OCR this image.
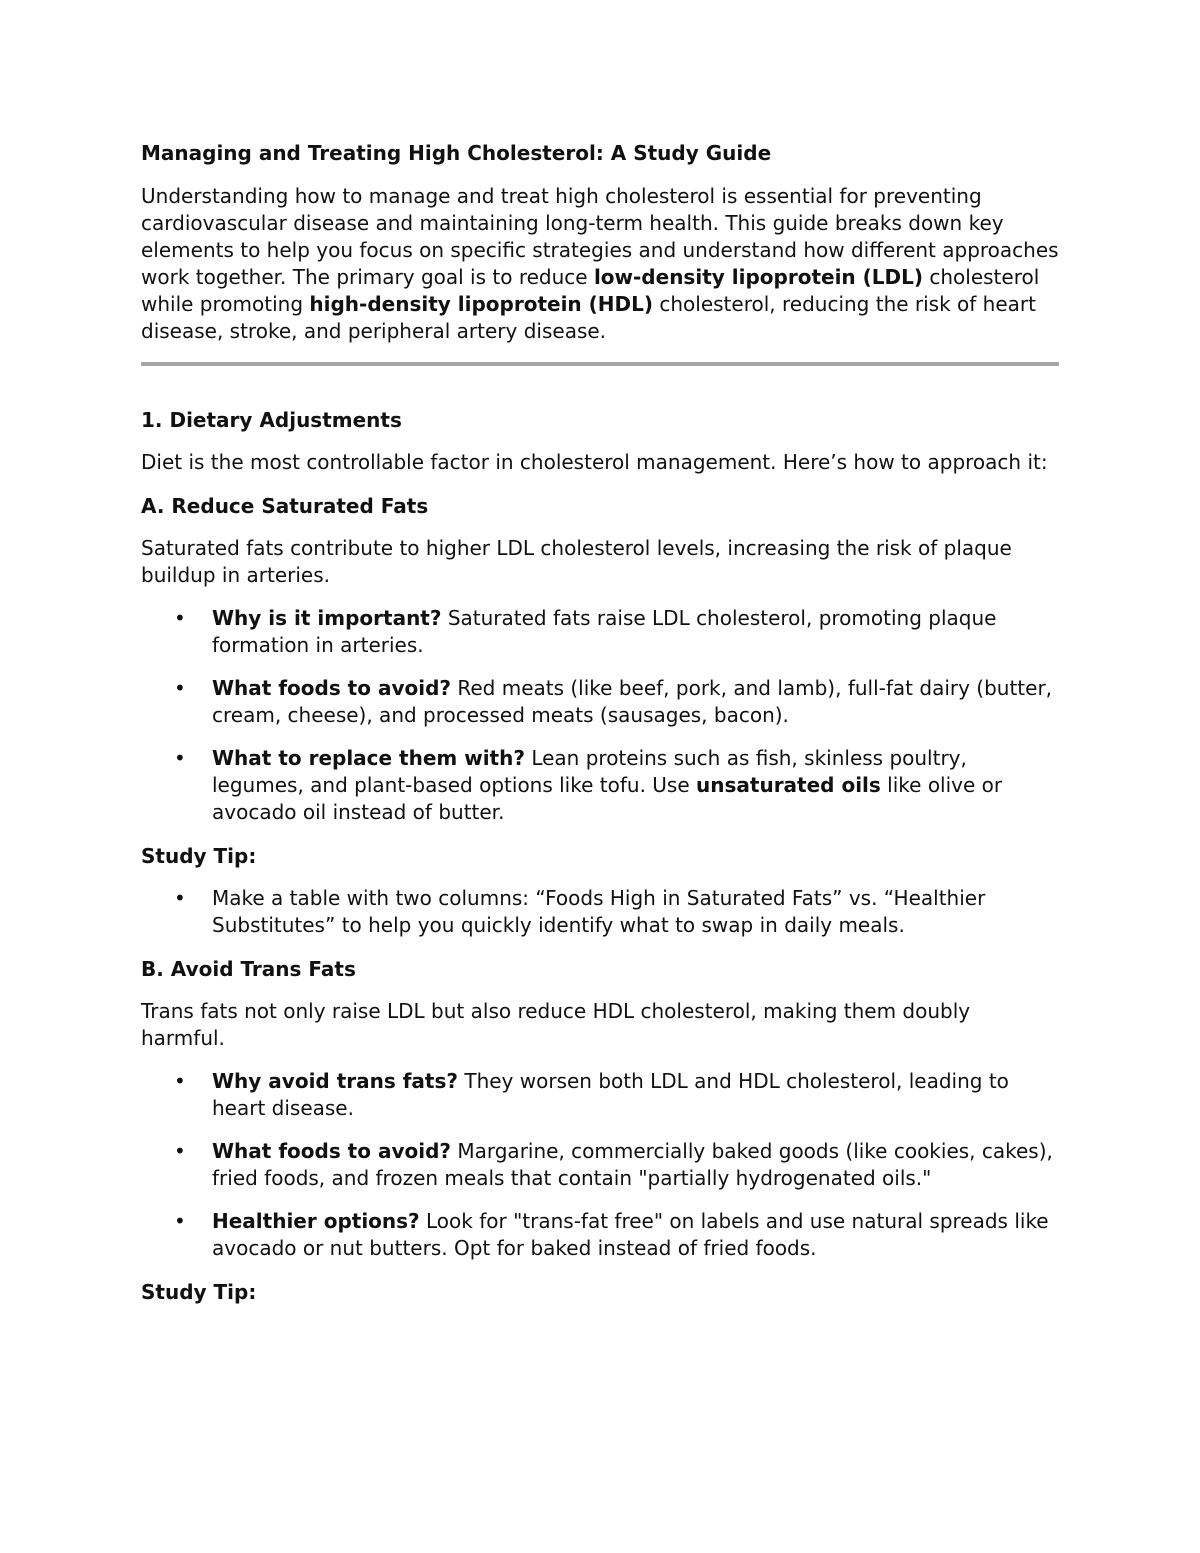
Managing and Treating High Cholesterol: A Study Guide

Understanding how to manage and treat high cholesterol is essential for preventing cardiovascular disease and maintaining long-term health. This guide breaks down key elements to help you focus on specific strategies and understand how different approaches work together. The primary goal is to reduce low-density lipoprotein (LDL) cholesterol while promoting high-density lipoprotein (HDL) cholesterol, reducing the risk of heart disease, stroke, and peripheral artery disease.

1. Dietary Adjustments

Diet is the most controllable factor in cholesterol management. Here’s how to approach it:

A. Reduce Saturated Fats

Saturated fats contribute to higher LDL cholesterol levels, increasing the risk of plaque buildup in arteries.

• Why is it important? Saturated fats raise LDL cholesterol, promoting plaque formation in arteries.
• What foods to avoid? Red meats (like beef, pork, and lamb), full-fat dairy (butter, cream, cheese), and processed meats (sausages, bacon).
• What to replace them with? Lean proteins such as fish, skinless poultry, legumes, and plant-based options like tofu. Use unsaturated oils like olive or avocado oil instead of butter.
Study Tip:
• Make a table with two columns: “Foods High in Saturated Fats” vs. “Healthier Substitutes” to help you quickly identify what to swap in daily meals.
B. Avoid Trans Fats

Trans fats not only raise LDL but also reduce HDL cholesterol, making them doubly harmful.

• Why avoid trans fats? They worsen both LDL and HDL cholesterol, leading to heart disease.
• What foods to avoid? Margarine, commercially baked goods (like cookies, cakes), fried foods, and frozen meals that contain "partially hydrogenated oils."
• Healthier options? Look for "trans-fat free" on labels and use natural spreads like avocado or nut butters. Opt for baked instead of fried foods.
Study Tip:
